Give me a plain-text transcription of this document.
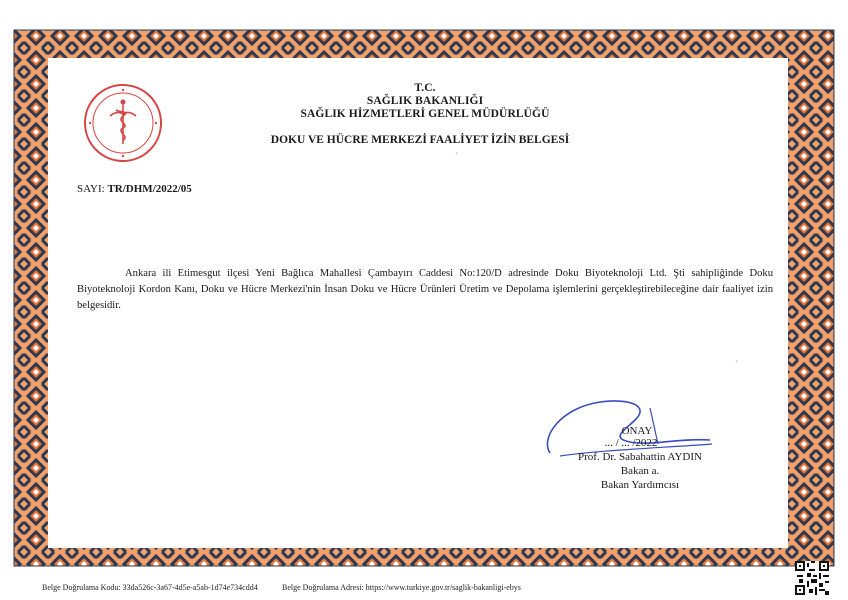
T.C.
SAĞLIK BAKANLIĞI
SAĞLIK HİZMETLERİ GENEL MÜDÜRLÜĞÜ
DOKU VE HÜCRE MERKEZİ FAALİYET İZİN BELGESİ
ˊ
ˊ
SAYI: TR/DHM/2022/05
Ankara ili Etimesgut ilçesi Yeni Bağlıca Mahallesi Çambayırı Caddesi No:120/D adresinde Doku Biyoteknoloji Ltd. Şti sahipliğinde Doku Biyoteknoloji Kordon Kanı, Doku ve Hücre Merkezi'nin İnsan Doku ve Hücre Ürünleri Üretim ve Depolama işlemlerini gerçekleştirebileceğine dair faaliyet izin belgesidir.
ONAY
... / ... /2022
Prof. Dr. Sabahattin AYDIN
Bakan a.
Bakan Yardımcısı
Belge Doğrulama Kodu: 33da526c-3a67-4d5e-a5ab-1d74e734cdd4	Belge Doğrulama Adresi: https://www.turkiye.gov.tr/saglik-bakanligi-ebys
